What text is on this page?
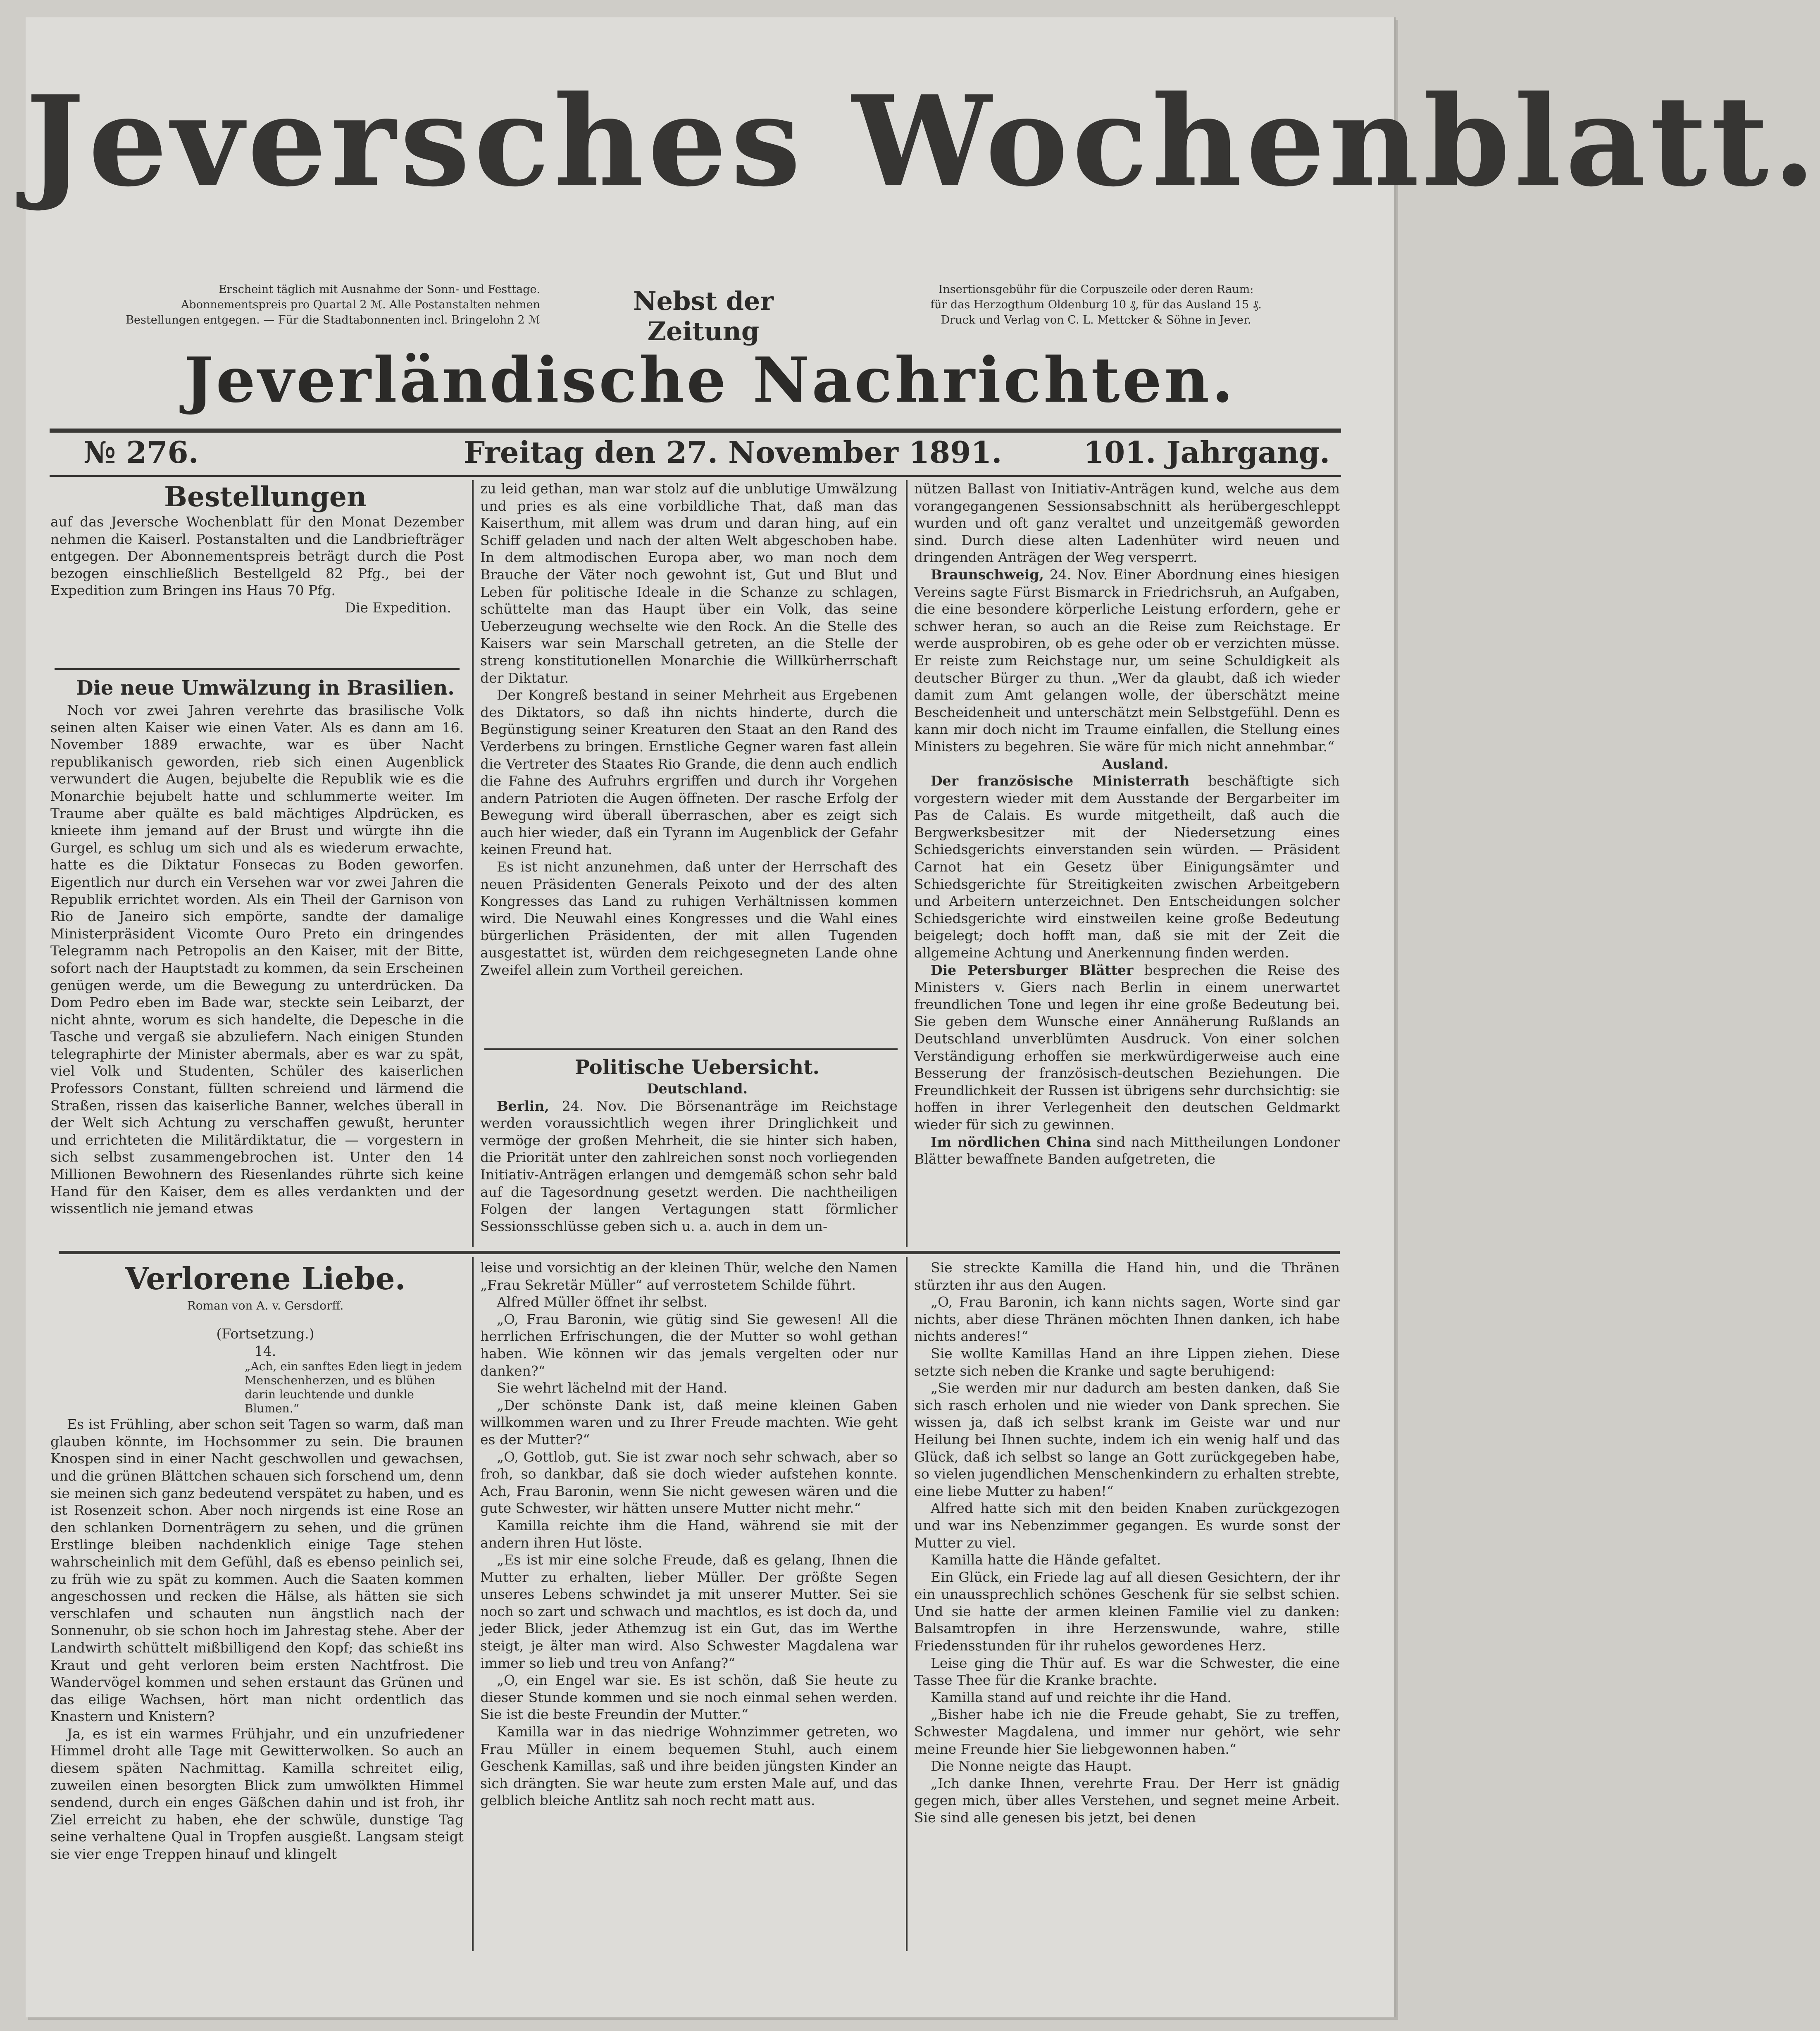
Jeversches Wochenblatt.
Erscheint täglich mit Ausnahme der Sonn- und Festtage.
Abonnementspreis pro Quartal 2 ℳ. Alle Postanstalten nehmen
Bestellungen entgegen. — Für die Stadtabonnenten incl. Bringelohn 2 ℳ
Nebst der Zeitung
Insertionsgebühr für die Corpuszeile oder deren Raum:
für das Herzogthum Oldenburg 10 ₰, für das Ausland 15 ₰.
Druck und Verlag von C. L. Mettcker & Söhne in Jever.
Jeverländische Nachrichten.
№ 276.	Freitag den 27. November 1891.	101. Jahrgang.

Bestellungen

auf das Jeversche Wochenblatt für den Monat Dezember nehmen die Kaiserl. Postanstalten und die Landbriefträger entgegen. Der Abonnementspreis beträgt durch die Post bezogen einschließlich Bestellgeld 82 Pfg., bei der Expedition zum Bringen ins Haus 70 Pfg.

Die Expedition.

Die neue Umwälzung in Brasilien.

Noch vor zwei Jahren verehrte das brasilische Volk seinen alten Kaiser wie einen Vater. Als es dann am 16. November 1889 erwachte, war es über Nacht republikanisch geworden, rieb sich einen Augenblick verwundert die Augen, bejubelte die Republik wie es die Monarchie bejubelt hatte und schlummerte weiter. Im Traume aber quälte es bald mächtiges Alpdrücken, es knieete ihm jemand auf der Brust und würgte ihn die Gurgel, es schlug um sich und als es wiederum erwachte, hatte es die Diktatur Fonsecas zu Boden geworfen. Eigentlich nur durch ein Versehen war vor zwei Jahren die Republik errichtet worden. Als ein Theil der Garnison von Rio de Janeiro sich empörte, sandte der damalige Ministerpräsident Vicomte Ouro Preto ein dringendes Telegramm nach Petropolis an den Kaiser, mit der Bitte, sofort nach der Hauptstadt zu kommen, da sein Erscheinen genügen werde, um die Bewegung zu unterdrücken. Da Dom Pedro eben im Bade war, steckte sein Leibarzt, der nicht ahnte, worum es sich handelte, die Depesche in die Tasche und vergaß sie abzuliefern. Nach einigen Stunden telegraphirte der Minister abermals, aber es war zu spät, viel Volk und Studenten, Schüler des kaiserlichen Professors Constant, füllten schreiend und lärmend die Straßen, rissen das kaiserliche Banner, welches überall in der Welt sich Achtung zu verschaffen gewußt, herunter und errichteten die Militärdiktatur, die — vorgestern in sich selbst zusammengebrochen ist. Unter den 14 Millionen Bewohnern des Riesenlandes rührte sich keine Hand für den Kaiser, dem es alles verdankten und der wissentlich nie jemand etwas

zu leid gethan, man war stolz auf die unblutige Umwälzung und pries es als eine vorbildliche That, daß man das Kaiserthum, mit allem was drum und daran hing, auf ein Schiff geladen und nach der alten Welt abgeschoben habe. In dem altmodischen Europa aber, wo man noch dem Brauche der Väter noch gewohnt ist, Gut und Blut und Leben für politische Ideale in die Schanze zu schlagen, schüttelte man das Haupt über ein Volk, das seine Ueberzeugung wechselte wie den Rock. An die Stelle des Kaisers war sein Marschall getreten, an die Stelle der streng konstitutionellen Monarchie die Willkürherrschaft der Diktatur.

Der Kongreß bestand in seiner Mehrheit aus Ergebenen des Diktators, so daß ihn nichts hinderte, durch die Begünstigung seiner Kreaturen den Staat an den Rand des Verderbens zu bringen. Ernstliche Gegner waren fast allein die Vertreter des Staates Rio Grande, die denn auch endlich die Fahne des Aufruhrs ergriffen und durch ihr Vorgehen andern Patrioten die Augen öffneten. Der rasche Erfolg der Bewegung wird überall überraschen, aber es zeigt sich auch hier wieder, daß ein Tyrann im Augenblick der Gefahr keinen Freund hat.

Es ist nicht anzunehmen, daß unter der Herrschaft des neuen Präsidenten Generals Peixoto und der des alten Kongresses das Land zu ruhigen Verhältnissen kommen wird. Die Neuwahl eines Kongresses und die Wahl eines bürgerlichen Präsidenten, der mit allen Tugenden ausgestattet ist, würden dem reichgesegneten Lande ohne Zweifel allein zum Vortheil gereichen.

Politische Uebersicht.

Deutschland.

Berlin, 24. Nov. Die Börsenanträge im Reichstage werden voraussichtlich wegen ihrer Dringlichkeit und vermöge der großen Mehrheit, die sie hinter sich haben, die Priorität unter den zahlreichen sonst noch vorliegenden Initiativ-Anträgen erlangen und demgemäß schon sehr bald auf die Tagesordnung gesetzt werden. Die nachtheiligen Folgen der langen Vertagungen statt förmlicher Sessionsschlüsse geben sich u. a. auch in dem un-

nützen Ballast von Initiativ-Anträgen kund, welche aus dem vorangegangenen Sessionsabschnitt als herübergeschleppt wurden und oft ganz veraltet und unzeitgemäß geworden sind. Durch diese alten Ladenhüter wird neuen und dringenden Anträgen der Weg versperrt.

Braunschweig, 24. Nov. Einer Abordnung eines hiesigen Vereins sagte Fürst Bismarck in Friedrichsruh, an Aufgaben, die eine besondere körperliche Leistung erfordern, gehe er schwer heran, so auch an die Reise zum Reichstage. Er werde ausprobiren, ob es gehe oder ob er verzichten müsse. Er reiste zum Reichstage nur, um seine Schuldigkeit als deutscher Bürger zu thun. „Wer da glaubt, daß ich wieder damit zum Amt gelangen wolle, der überschätzt meine Bescheidenheit und unterschätzt mein Selbstgefühl. Denn es kann mir doch nicht im Traume einfallen, die Stellung eines Ministers zu begehren. Sie wäre für mich nicht annehmbar.“

Ausland.

Der französische Ministerrath beschäftigte sich vorgestern wieder mit dem Ausstande der Bergarbeiter im Pas de Calais. Es wurde mitgetheilt, daß auch die Bergwerksbesitzer mit der Niedersetzung eines Schiedsgerichts einverstanden sein würden. — Präsident Carnot hat ein Gesetz über Einigungsämter und Schiedsgerichte für Streitigkeiten zwischen Arbeitgebern und Arbeitern unterzeichnet. Den Entscheidungen solcher Schiedsgerichte wird einstweilen keine große Bedeutung beigelegt; doch hofft man, daß sie mit der Zeit die allgemeine Achtung und Anerkennung finden werden.

Die Petersburger Blätter besprechen die Reise des Ministers v. Giers nach Berlin in einem unerwartet freundlichen Tone und legen ihr eine große Bedeutung bei. Sie geben dem Wunsche einer Annäherung Rußlands an Deutschland unverblümten Ausdruck. Von einer solchen Verständigung erhoffen sie merkwürdigerweise auch eine Besserung der französisch-deutschen Beziehungen. Die Freundlichkeit der Russen ist übrigens sehr durchsichtig: sie hoffen in ihrer Verlegenheit den deutschen Geldmarkt wieder für sich zu gewinnen.

Im nördlichen China sind nach Mittheilungen Londoner Blätter bewaffnete Banden aufgetreten, die

Verlorene Liebe.

Roman von A. v. Gersdorff.

(Fortsetzung.)

14.

„Ach, ein sanftes Eden liegt in jedem Menschenherzen, und es blühen darin leuchtende und dunkle Blumen.“

Es ist Frühling, aber schon seit Tagen so warm, daß man glauben könnte, im Hochsommer zu sein. Die braunen Knospen sind in einer Nacht geschwollen und gewachsen, und die grünen Blättchen schauen sich forschend um, denn sie meinen sich ganz bedeutend verspätet zu haben, und es ist Rosenzeit schon. Aber noch nirgends ist eine Rose an den schlanken Dornenträgern zu sehen, und die grünen Erstlinge bleiben nachdenklich einige Tage stehen wahrscheinlich mit dem Gefühl, daß es ebenso peinlich sei, zu früh wie zu spät zu kommen. Auch die Saaten kommen angeschossen und recken die Hälse, als hätten sie sich verschlafen und schauten nun ängstlich nach der Sonnenuhr, ob sie schon hoch im Jahrestag stehe. Aber der Landwirth schüttelt mißbilligend den Kopf; das schießt ins Kraut und geht verloren beim ersten Nachtfrost. Die Wandervögel kommen und sehen erstaunt das Grünen und das eilige Wachsen, hört man nicht ordentlich das Knastern und Knistern?

Ja, es ist ein warmes Frühjahr, und ein unzufriedener Himmel droht alle Tage mit Gewitterwolken. So auch an diesem späten Nachmittag. Kamilla schreitet eilig, zuweilen einen besorgten Blick zum umwölkten Himmel sendend, durch ein enges Gäßchen dahin und ist froh, ihr Ziel erreicht zu haben, ehe der schwüle, dunstige Tag seine verhaltene Qual in Tropfen ausgießt. Langsam steigt sie vier enge Treppen hinauf und klingelt

leise und vorsichtig an der kleinen Thür, welche den Namen „Frau Sekretär Müller“ auf verrostetem Schilde führt.

Alfred Müller öffnet ihr selbst.

„O, Frau Baronin, wie gütig sind Sie gewesen! All die herrlichen Erfrischungen, die der Mutter so wohl gethan haben. Wie können wir das jemals vergelten oder nur danken?“

Sie wehrt lächelnd mit der Hand.

„Der schönste Dank ist, daß meine kleinen Gaben willkommen waren und zu Ihrer Freude machten. Wie geht es der Mutter?“

„O, Gottlob, gut. Sie ist zwar noch sehr schwach, aber so froh, so dankbar, daß sie doch wieder aufstehen konnte. Ach, Frau Baronin, wenn Sie nicht gewesen wären und die gute Schwester, wir hätten unsere Mutter nicht mehr.“

Kamilla reichte ihm die Hand, während sie mit der andern ihren Hut löste.

„Es ist mir eine solche Freude, daß es gelang, Ihnen die Mutter zu erhalten, lieber Müller. Der größte Segen unseres Lebens schwindet ja mit unserer Mutter. Sei sie noch so zart und schwach und machtlos, es ist doch da, und jeder Blick, jeder Athemzug ist ein Gut, das im Werthe steigt, je älter man wird. Also Schwester Magdalena war immer so lieb und treu von Anfang?“

„O, ein Engel war sie. Es ist schön, daß Sie heute zu dieser Stunde kommen und sie noch einmal sehen werden. Sie ist die beste Freundin der Mutter.“

Kamilla war in das niedrige Wohnzimmer getreten, wo Frau Müller in einem bequemen Stuhl, auch einem Geschenk Kamillas, saß und ihre beiden jüngsten Kinder an sich drängten. Sie war heute zum ersten Male auf, und das gelblich bleiche Antlitz sah noch recht matt aus.

Sie streckte Kamilla die Hand hin, und die Thränen stürzten ihr aus den Augen.

„O, Frau Baronin, ich kann nichts sagen, Worte sind gar nichts, aber diese Thränen möchten Ihnen danken, ich habe nichts anderes!“

Sie wollte Kamillas Hand an ihre Lippen ziehen. Diese setzte sich neben die Kranke und sagte beruhigend:

„Sie werden mir nur dadurch am besten danken, daß Sie sich rasch erholen und nie wieder von Dank sprechen. Sie wissen ja, daß ich selbst krank im Geiste war und nur Heilung bei Ihnen suchte, indem ich ein wenig half und das Glück, daß ich selbst so lange an Gott zurückgegeben habe, so vielen jugendlichen Menschenkindern zu erhalten strebte, eine liebe Mutter zu haben!“

Alfred hatte sich mit den beiden Knaben zurückgezogen und war ins Nebenzimmer gegangen. Es wurde sonst der Mutter zu viel.

Kamilla hatte die Hände gefaltet.

Ein Glück, ein Friede lag auf all diesen Gesichtern, der ihr ein unaussprechlich schönes Geschenk für sie selbst schien. Und sie hatte der armen kleinen Familie viel zu danken: Balsamtropfen in ihre Herzenswunde, wahre, stille Friedensstunden für ihr ruhelos gewordenes Herz.

Leise ging die Thür auf. Es war die Schwester, die eine Tasse Thee für die Kranke brachte.

Kamilla stand auf und reichte ihr die Hand.

„Bisher habe ich nie die Freude gehabt, Sie zu treffen, Schwester Magdalena, und immer nur gehört, wie sehr meine Freunde hier Sie liebgewonnen haben.“

Die Nonne neigte das Haupt.

„Ich danke Ihnen, verehrte Frau. Der Herr ist gnädig gegen mich, über alles Verstehen, und segnet meine Arbeit. Sie sind alle genesen bis jetzt, bei denen
